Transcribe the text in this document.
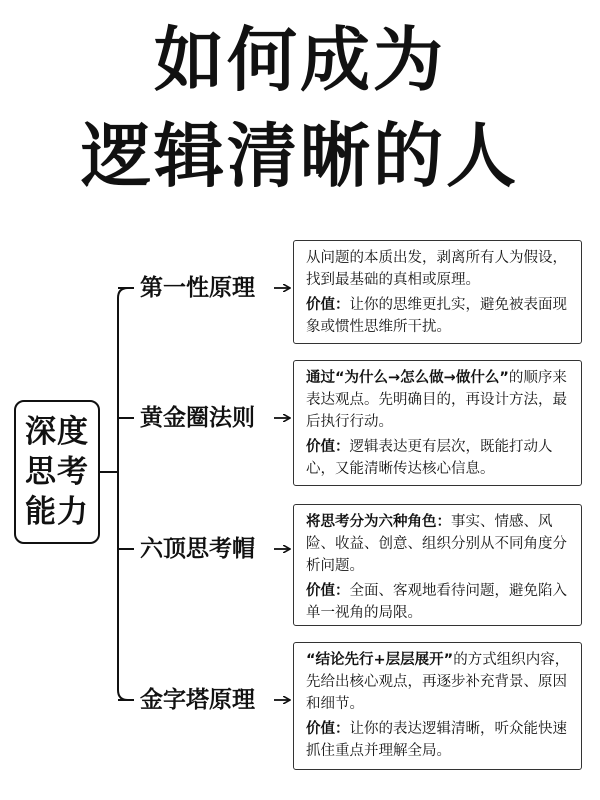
如何成为
逻辑清晰的人
深度
思考
能力
第一性原理
黄金圈法则
六顶思考帽
金字塔原理

从问题的本质出发，剥离所有人为假设，找到最基础的真相或原理。

价值：让你的思维更扎实，避免被表面现象或惯性思维所干扰。

通过“为什么→怎么做→做什么”的顺序来表达观点。先明确目的，再设计方法，最后执行行动。

价值：逻辑表达更有层次，既能打动人心，又能清晰传达核心信息。

将思考分为六种角色：事实、情感、风险、收益、创意、组织分别从不同角度分析问题。

价值：全面、客观地看待问题，避免陷入单一视角的局限。

“结论先行+层层展开”的方式组织内容，先给出核心观点，再逐步补充背景、原因和细节。

价值：让你的表达逻辑清晰，听众能快速抓住重点并理解全局。
